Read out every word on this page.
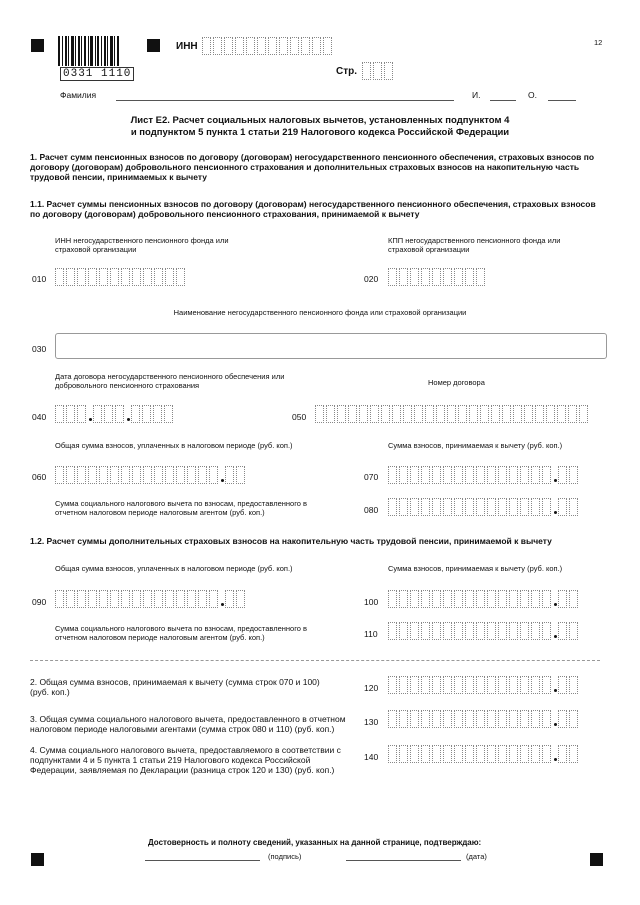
0331 1110
12
ИНН
Стр.
Фамилия	И.	О.
Лист Е2. Расчет социальных налоговых вычетов, установленных подпунктом 4
и подпунктом 5 пункта 1 статьи 219 Налогового кодекса Российской Федерации
1. Расчет сумм пенсионных взносов по договору (договорам) негосударственного пенсионного обеспечения, страховых взносов по договору (договорам) добровольного пенсионного страхования и дополнительных страховых взносов на накопительную часть трудовой пенсии, принимаемых к вычету
1.1. Расчет суммы пенсионных взносов по договору (договорам) негосударственного пенсионного обеспечения, страховых взносов по договору (договорам) добровольного пенсионного страхования, принимаемой к вычету
ИНН негосударственного пенсионного фонда или страховой организации
КПП негосударственного пенсионного фонда или страховой организации
010	020
Наименование негосударственного пенсионного фонда или страховой организации
030
Дата договора негосударственного пенсионного обеспечения или добровольного пенсионного страхования	Номер договора
040	050
Общая сумма взносов, уплаченных в налоговом периоде (руб. коп.)	Сумма взносов, принимаемая к вычету (руб. коп.)
060	070
Сумма социального налогового вычета по взносам, предоставленного в отчетном налоговом периоде налоговым агентом (руб. коп.)	080
1.2. Расчет суммы дополнительных страховых взносов на накопительную часть трудовой пенсии, принимаемой к вычету
Общая сумма взносов, уплаченных в налоговом периоде (руб. коп.)	Сумма взносов, принимаемая к вычету (руб. коп.)
090	100
Сумма социального налогового вычета по взносам, предоставленного в отчетном налоговом периоде налоговым агентом (руб. коп.)	110
2. Общая сумма взносов, принимаемая к вычету (сумма строк 070 и 100) (руб. коп.)	120
3. Общая сумма социального налогового вычета, предоставленного в отчетном налоговом периоде налоговыми агентами (сумма строк 080 и 110) (руб. коп.)
130
4. Сумма социального налогового вычета, предоставляемого в соответствии с подпунктами 4 и 5 пункта 1 статьи 219 Налогового кодекса Российской Федерации, заявляемая по Декларации (разница строк 120 и 130) (руб. коп.)
140
Достоверность и полноту сведений, указанных на данной странице, подтверждаю:
(подпись)	(дата)
